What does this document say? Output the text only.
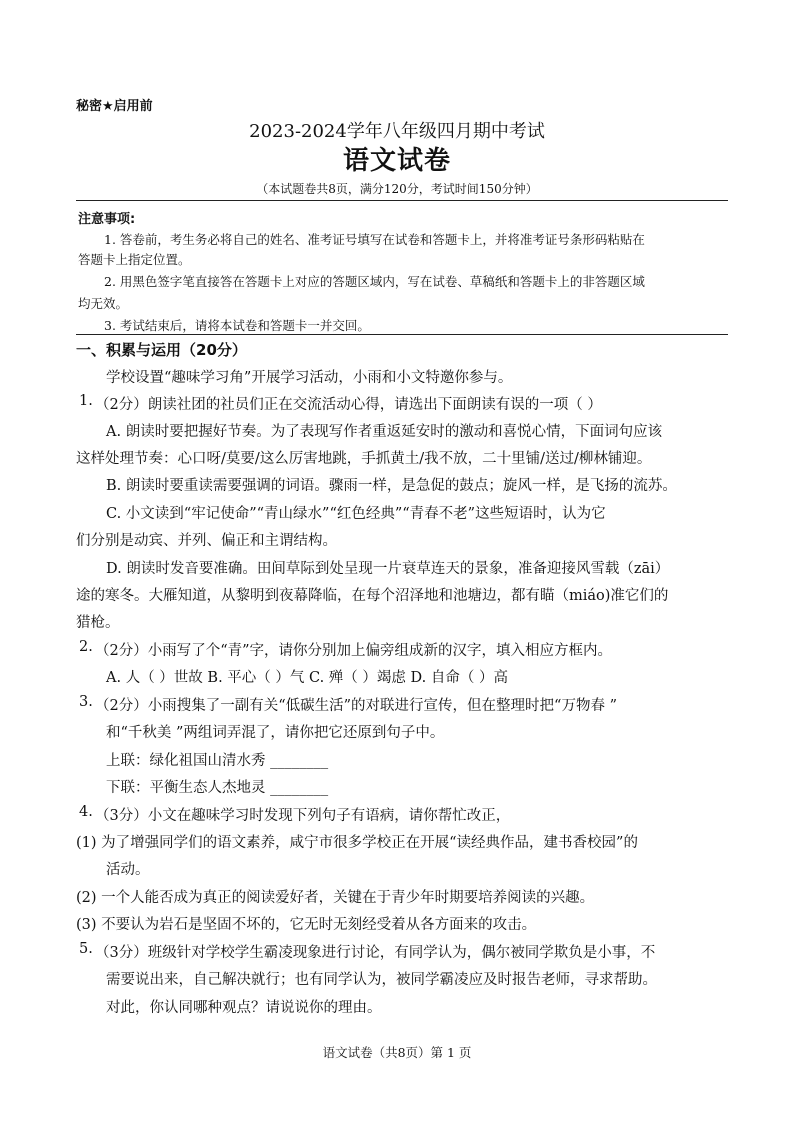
秘密★启用前
2023-2024学年八年级四月期中考试
语文试卷
（本试题卷共8页，满分120分，考试时间150分钟）
注意事项:
1. 答卷前，考生务必将自己的姓名、准考证号填写在试卷和答题卡上，并将准考证号条形码粘贴在
答题卡上指定位置。
2. 用黑色签字笔直接答在答题卡上对应的答题区域内，写在试卷、草稿纸和答题卡上的非答题区域
均无效。
3. 考试结束后，请将本试卷和答题卡一并交回。
一、积累与运用（20分）
学校设置“趣味学习角”开展学习活动，小雨和小文特邀你参与。
1. （2分）朗读社团的社员们正在交流活动心得，请选出下面朗读有误的一项（ ）
A. 朗读时要把握好节奏。为了表现写作者重返延安时的激动和喜悦心情，下面词句应该
这样处理节奏：心口呀/莫要/这么厉害地跳，手抓黄土/我不放，二十里铺/送过/柳林铺迎。
B. 朗读时要重读需要强调的词语。骤雨一样，是急促的鼓点；旋风一样，是飞扬的流苏。
C. 小文读到“牢记使命”“青山绿水”“红色经典”“青春不老”这些短语时，认为它
们分别是动宾、并列、偏正和主谓结构。
D. 朗读时发音要准确。田间草际到处呈现一片衰草连天的景象，准备迎接风雪载（zāi）
途的寒冬。大雁知道，从黎明到夜幕降临，在每个沼泽地和池塘边，都有瞄（miáo)准它们的
猎枪。
2. （2分）小雨写了个“青”字，请你分别加上偏旁组成新的汉字，填入相应方框内。
A. 人（ ）世故 B. 平心（ ）气 C. 殚（ ）竭虑 D. 自命（ ）高
3. （2分）小雨搜集了一副有关“低碳生活”的对联进行宣传，但在整理时把“万物春 ”
和“千秋美 ”两组词弄混了，请你把它还原到句子中。
上联：绿化祖国山清水秀 ________
下联：平衡生态人杰地灵 ________
4. （3分）小文在趣味学习时发现下列句子有语病，请你帮忙改正，
(1) 为了增强同学们的语文素养，咸宁市很多学校正在开展“读经典作品，建书香校园”的
活动。
(2) 一个人能否成为真正的阅读爱好者，关键在于青少年时期要培养阅读的兴趣。
(3) 不要认为岩石是坚固不坏的，它无时无刻经受着从各方面来的攻击。
5. （3分）班级针对学校学生霸凌现象进行讨论，有同学认为，偶尔被同学欺负是小事，不
需要说出来，自己解决就行；也有同学认为，被同学霸凌应及时报告老师，寻求帮助。
对此，你认同哪种观点？请说说你的理由。
语文试卷（共8页）第 1 页
